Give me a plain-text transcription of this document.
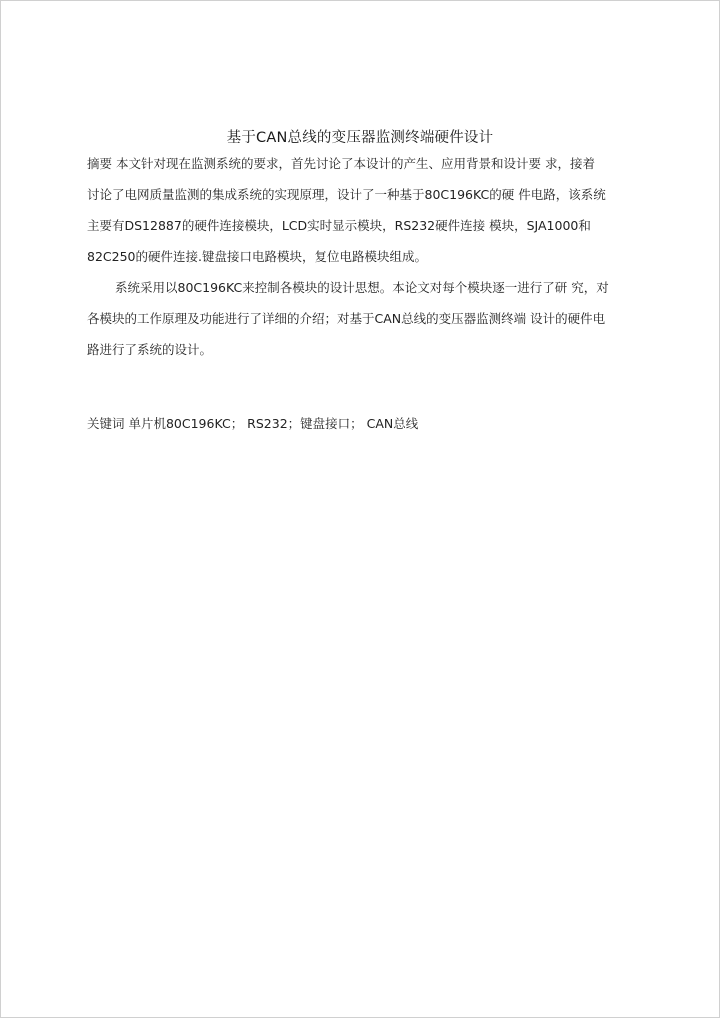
基于CAN总线的变压器监测终端硬件设计
摘要 本文针对现在监测系统的要求，首先讨论了本设计的产生、应用背景和设计要 求，接着
讨论了电网质量监测的集成系统的实现原理，设计了一种基于80C196KC的硬 件电路，该系统
主要有DS12887的硬件连接模块，LCD实时显示模块，RS232硬件连接 模块，SJA1000和
82C250的硬件连接.键盘接口电路模块，复位电路模块组成。
系统采用以80C196KC来控制各模块的设计思想。本论文对每个模块逐一进行了研 究，对
各模块的工作原理及功能进行了详细的介绍；对基于CAN总线的变压器监测终端 设计的硬件电
路进行了系统的设计。
关键词 单片机80C196KC； RS232；键盘接口； CAN总线
